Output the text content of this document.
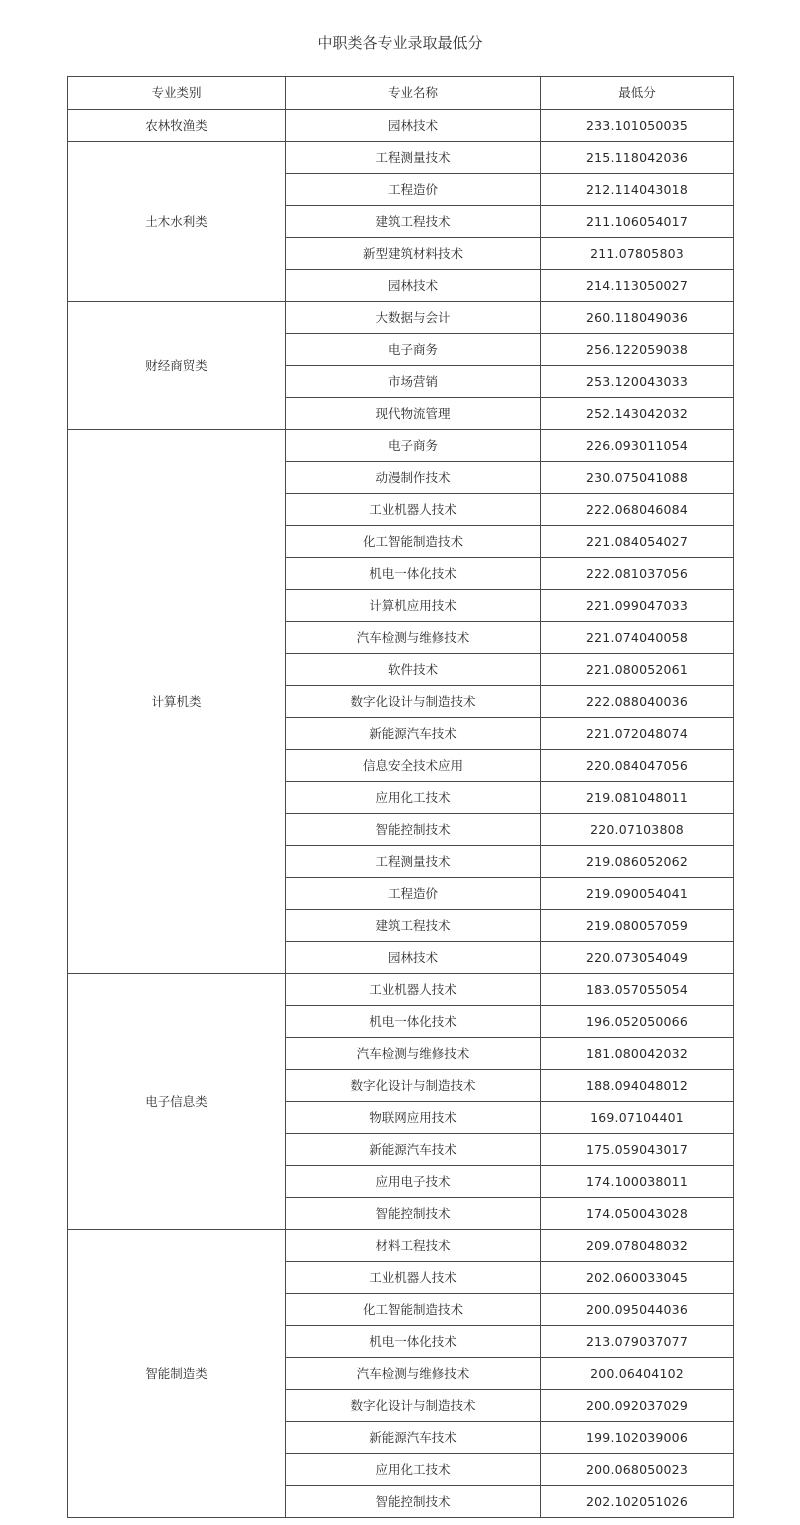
中职类各专业录取最低分
专业类别	专业名称	最低分
农林牧渔类	园林技术	233.101050035
土木水利类	工程测量技术	215.118042036
	工程造价	212.114043018
	建筑工程技术	211.106054017
	新型建筑材料技术	211.07805803
	园林技术	214.113050027
财经商贸类	大数据与会计	260.118049036
	电子商务	256.122059038
	市场营销	253.120043033
	现代物流管理	252.143042032
计算机类	电子商务	226.093011054
	动漫制作技术	230.075041088
	工业机器人技术	222.068046084
	化工智能制造技术	221.084054027
	机电一体化技术	222.081037056
	计算机应用技术	221.099047033
	汽车检测与维修技术	221.074040058
	软件技术	221.080052061
	数字化设计与制造技术	222.088040036
	新能源汽车技术	221.072048074
	信息安全技术应用	220.084047056
	应用化工技术	219.081048011
	智能控制技术	220.07103808
	工程测量技术	219.086052062
	工程造价	219.090054041
	建筑工程技术	219.080057059
	园林技术	220.073054049
电子信息类	工业机器人技术	183.057055054
	机电一体化技术	196.052050066
	汽车检测与维修技术	181.080042032
	数字化设计与制造技术	188.094048012
	物联网应用技术	169.07104401
	新能源汽车技术	175.059043017
	应用电子技术	174.100038011
	智能控制技术	174.050043028
智能制造类	材料工程技术	209.078048032
	工业机器人技术	202.060033045
	化工智能制造技术	200.095044036
	机电一体化技术	213.079037077
	汽车检测与维修技术	200.06404102
	数字化设计与制造技术	200.092037029
	新能源汽车技术	199.102039006
	应用化工技术	200.068050023
	智能控制技术	202.102051026
